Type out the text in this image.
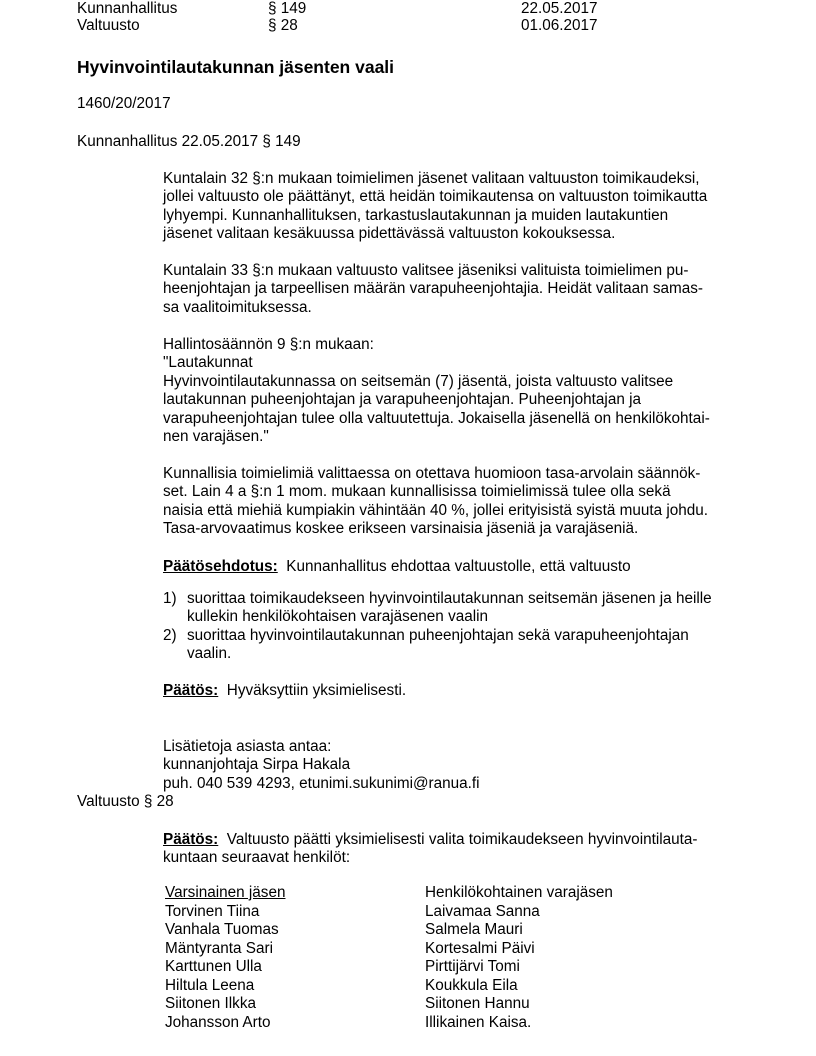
Kunnanhallitus	§ 149	22.05.2017
Valtuusto	§ 28	01.06.2017
Hyvinvointilautakunnan jäsenten vaali
1460/20/2017
Kunnanhallitus 22.05.2017 § 149

Kuntalain 32 §:n mukaan toimielimen jäsenet valitaan valtuuston toimikaudeksi,

jollei valtuusto ole päättänyt, että heidän toimikautensa on valtuuston toimikautta

lyhyempi. Kunnanhallituksen, tarkastuslautakunnan ja muiden lautakuntien

jäsenet valitaan kesäkuussa pidettävässä valtuuston kokouksessa.

Kuntalain 33 §:n mukaan valtuusto valitsee jäseniksi valituista toimielimen pu-

heenjohtajan ja tarpeellisen määrän varapuheenjohtajia. Heidät valitaan samas-

sa vaalitoimituksessa.

Hallintosäännön 9 §:n mukaan:

"Lautakunnat

Hyvinvointilautakunnassa on seitsemän (7) jäsentä, joista valtuusto valitsee

lautakunnan puheenjohtajan ja varapuheenjohtajan. Puheenjohtajan ja

varapuheenjohtajan tulee olla valtuutettuja. Jokaisella jäsenellä on henkilökohtai-

nen varajäsen."

Kunnallisia toimielimiä valittaessa on otettava huomioon tasa-arvolain säännök-

set. Lain 4 a §:n 1 mom. mukaan kunnallisissa toimielimissä tulee olla sekä

naisia että miehiä kumpiakin vähintään 40 %, jollei erityisistä syistä muuta johdu.

Tasa-arvovaatimus koskee erikseen varsinaisia jäseniä ja varajäseniä.

Päätösehdotus: Kunnanhallitus ehdottaa valtuustolle, että valtuusto

1) suorittaa toimikaudekseen hyvinvointilautakunnan seitsemän jäsenen ja heille
kullekin henkilökohtaisen varajäsenen vaalin
2) suorittaa hyvinvointilautakunnan puheenjohtajan sekä varapuheenjohtajan
vaalin.

Päätös: Hyväksyttiin yksimielisesti.

Lisätietoja asiasta antaa:

kunnanjohtaja Sirpa Hakala

puh. 040 539 4293, etunimi.sukunimi@ranua.fi

Valtuusto § 28

Päätös: Valtuusto päätti yksimielisesti valita toimikaudekseen hyvinvointilauta-

kuntaan seuraavat henkilöt:

Varsinainen jäsen	Henkilökohtainen varajäsen
Torvinen Tiina	Laivamaa Sanna
Vanhala Tuomas	Salmela Mauri
Mäntyranta Sari	Kortesalmi Päivi
Karttunen Ulla	Pirttijärvi Tomi
Hiltula Leena	Koukkula Eila
Siitonen Ilkka	Siitonen Hannu
Johansson Arto	Illikainen Kaisa.
